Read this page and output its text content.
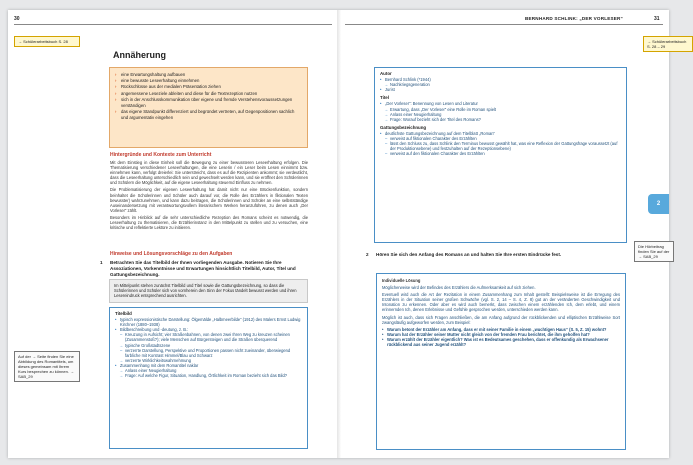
30
→ Schülerarbeitsbuch S. 28
Annäherung
› eine Erwartungshaltung aufbauen
› eine bewusste Leseerhaltung einnehmen
› Rückschlüsse aus der medialen Präsentation ziehen
› angemessene Leseziele ableiten und diese für die Textrezeption nutzen
› sich in der Anschlusskommunikation über eigene und fremde Verstehensvoraussetzungen verständigen
› das eigene Standpunkt differenziert und begründet vertreten, auf Gegenpositionen sachlich und argumentativ eingehen
Hintergründe und Kontexte zum Unterricht

Mit dem Einstieg in diese Einheit soll die Bewegung zu einer bewussteren Leseerhaltung erfolgen. Die Thematisierung verschiedener Leseerhaltungen, die eine Leserin / ein Leser beim Lesen einnimmt bzw. einnehmen kann, verfolgt dreierlei: Sie unterstreicht, dass es auf die Rezipienten ankommt; sie verdeutlicht, dass die Leseerhaltung unterschiedlich sein und gewechselt werden kann, und sie eröffnet den Schülerinnen und Schülern die Möglichkeit, auf die eigene Leseerhaltung steuernd Einfluss zu nehmen.

Die Problematisierung der eigenen Leseerhaltung hat damit nicht nur eine Brückenfunktion, sondern beinhaltet die Schülerinnen und Schüler auch darauf vor, die Rolle des Erzählers in fiktionalen Texten bewusster) wahrzunehmen, und kann dazu beitragen, die Schülerinnen und Schüler an eine selbstständige Auseinandersetzung mit verantwortungsvollem literarischem Werken heranzuführen, zu denen auch „Der Vorleser“ zählt.

Besonders im Hinblick auf die sehr unterschiedliche Rezeption des Romans scheint es notwendig, die Leseerhaltung zu thematisieren, die Erzählerinstanz in den Mittelpunkt zu stellen und zu versuchen, eine kritische und reflektierte Lektüre zu initiieren.

Hinweise und Lösungsvorschläge zu den Aufgaben
1 Betrachten Sie das Titelbild der Ihnen vorliegenden Ausgabe. Notieren Sie Ihre Assoziationen, Vorkenntnisse und Erwartungen hinsichtlich Titelbild, Autor, Titel und Gattungsbezeichnung.
Im Mittelpunkt stehen zunächst Titelbild und Titel sowie die Gattungsbezeichnung, so dass die Schülerinnen und Schüler sich von vornherein den Sinn der Fokus tändelt bewusst werden und ihren Lesereindruck entsprechend ausrichten.
Auf der → Seite finden Sie eine Abbildung des Romantitels, um dieses gemeinsam mit Ihrem Kurs besprechen zu können. → SAB_29
Titelbild
• typisch expressionistische Darstellung: Ölgemälde „Halbmeerbilde“ (1912) des Malers Ernst Ludwig Kirchner (1880–1938)
• Bildbeschreibung und -deutung, z. B.:
– Kreuzung in Aufsicht; vier Straßenbahnen, von denen zwei Ihren Weg zu kreuzen scheinen (Zusammenstoß?); viele Menschen auf Bürgersteigen und die Straßen überquerend
→ typische Großstadtszene
– verzerrte Darstellung, Perspektive und Proportionen passen nicht zueinander, überwiegend farbliche mit Kontrast Himmel/Blau und Schwarz
→ verzerrte Wirklichkeitswahrnehmung
• Zusammenhang mit dem Romantitel naklar
→ Anlass einer Neugierhaltung
→ Frage: Auf welche Figur, Situation, Handlung, Örtlichkeit im Roman bezieht sich das Bild?
BERNHARD SCHLINK: „DER VORLESER“	31
→ Schülerarbeitsbuch S. 28 – 29
Autor
• Bernhard Schlink (*1944)
→ Nachkriegsgeneration
• Jurist
Titel
• „Der Vorleser“: Benennung von Lesen und Literatur
→ Erwartung, dass „Der Vorleser“ eine Rolle im Roman spielt
→ Anlass einer Neugierhaltung
→ Frage: Worauf bezieht sich der Titel des Romans?
Gattungsbezeichnung
• deutlichste Gattungsbezeichnung auf dem Titelblatt „Roman“
– verweist auf fiktionalen Charakter des Erzählten
– lässt den Schluss zu, dass Schlink den Terminus bewusst gewählt hat, was eine Reflexion der Gattungsfrage voraussetzt (auf der Produktionsebene) und festzuhalten auf der Rezeptionsebene)
– verweist auf den fiktionalen Charakter des Erzählten
2 Hören Sie sich den Anfang des Romans an und halten Sie Ihre ersten Eindrücke fest.
Individuelle Lösung

Möglicherweise wird der Befindes des Erzählers die Aufmerksamkeit auf sich ziehen.

Eventuell wird auch die Art der Rezitation in einem Zusammenhang zum Inhalt gestellt: Beispielsweise ist die Erregung des Erzählers in der Situation seiner großen Schwäche (vgl. S. 2, 14 – S. 4, Z. 8) gut an der veränderten Geschwindigkeit und Intonation zu erkennen. Oder aber es wird auch bemerkt, dass zwischen einem erzählenden Ich, dem erlebt, und einem erinnernden Ich, denen Erlebnisse und Gefühle gesprochen werden, unterschieden werden kann.

Möglich ist auch, dass sich Fragen anschließen, die am Anfang aufgrund der rückblickenden und elliptischen Erzählweise Sort zwangsläufig aufgeworfen werden, zum Beispiel:

• Warum betont der Erzähler am Anfang, dass er mit seiner Familie in einem „wuchtigen Haus“ (S. 5, Z. 15) wohnt?
• Warum hat der Erzähler seiner Mutter nicht gleich von der fremden Frau berichtet, die ihm geholfen hat?
• Warum erzählt der Erzähler eigentlich? Was ist es Bedeutsames geschehen, dass er offenkundig als Erwachsener rückblickend aus seiner Jugend erzählt?
Die Hörbeitrag finden Sie auf der → SAB_29
2
